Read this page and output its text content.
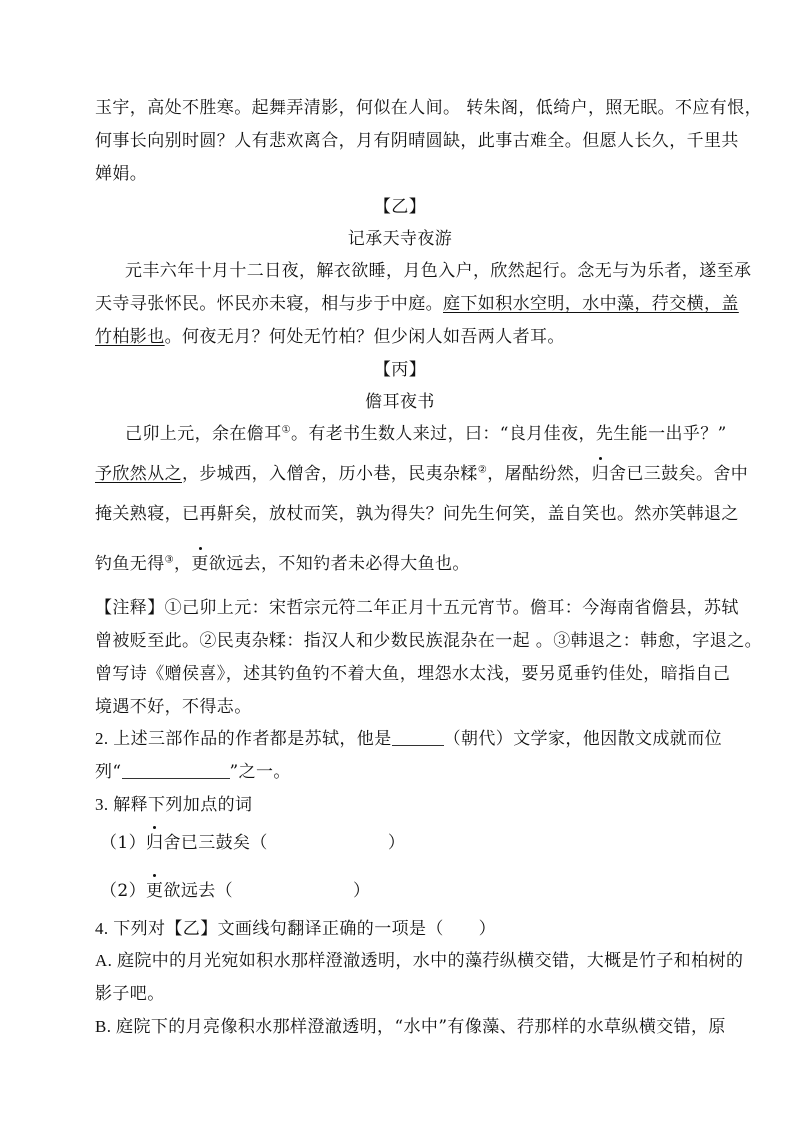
玉宇，高处不胜寒。起舞弄清影，何似在人间。 转朱阁，低绮户，照无眠。不应有恨，
何事长向别时圆？人有悲欢离合，月有阴晴圆缺，此事古难全。但愿人长久，千里共
婵娟。
【乙】
记承天寺夜游
元丰六年十月十二日夜，解衣欲睡，月色入户，欣然起行。念无与为乐者，遂至承
天寺寻张怀民。怀民亦未寝，相与步于中庭。庭下如积水空明，水中藻，荇交横，盖
竹柏影也。何夜无月？何处无竹柏？但少闲人如吾两人者耳。
【丙】
儋耳夜书
己卯上元，余在儋耳①。有老书生数人来过，曰：“良月佳夜，先生能一出乎？”
予欣然从之，步城西，入僧舍，历小巷，民夷杂糅②，屠酤纷然，归舍已三鼓矣。舍中
掩关熟寝，已再鼾矣，放杖而笑，孰为得失？问先生何笑，盖自笑也。然亦笑韩退之
钓鱼无得③，更欲远去，不知钓者未必得大鱼也。
【注释】①己卯上元：宋哲宗元符二年正月十五元宵节。儋耳：今海南省儋县，苏轼
曾被贬至此。②民夷杂糅：指汉人和少数民族混杂在一起 。③韩退之：韩愈，字退之。
曾写诗《赠侯喜》，述其钓鱼钓不着大鱼，埋怨水太浅，要另觅垂钓佳处，暗指自己
境遇不好，不得志。
2. 上述三部作品的作者都是苏轼，他是	（朝代）文学家，他因散文成就而位
列“	”之一。
3. 解释下列加点的词
（1）归舍已三鼓矣（	）
（2）更欲远去（	）
4. 下列对【乙】文画线句翻译正确的一项是（　　）
A. 庭院中的月光宛如积水那样澄澈透明，水中的藻荇纵横交错，大概是竹子和柏树的
影子吧。
B. 庭院下的月亮像积水那样澄澈透明，“水中”有像藻、荇那样的水草纵横交错，原
